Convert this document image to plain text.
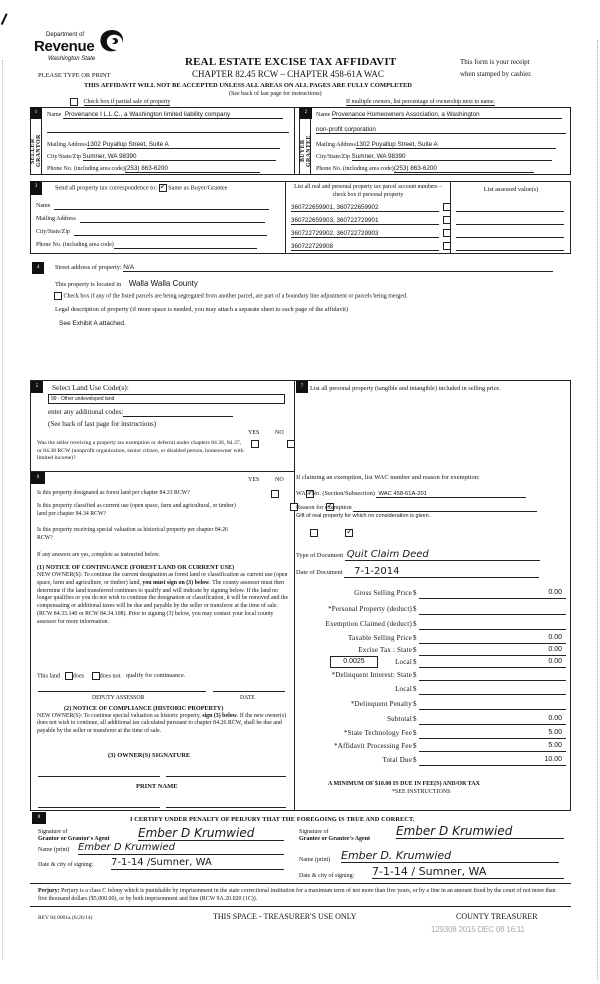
Department of
Revenue
Washington State	REAL ESTATE EXCISE TAX AFFIDAVIT
CHAPTER 82.45 RCW – CHAPTER 458-61A WAC
PLEASE TYPE OR PRINT
This form is your receipt
when stamped by cashier.
THIS AFFIDAVIT WILL NOT BE ACCEPTED UNLESS ALL AREAS ON ALL PAGES ARE FULLY COMPLETED
(See back of last page for instructions)
Check box if partial sale of property	If multiple owners, list percentage of ownership next to name.
1
SELLER
GRANTOR
Name Provenance I L.L.C., a Washington limited liability company
Mailing Address1302 Puyallup Street, Suite A
City/State/Zip Sumner, WA 98390
Phone No. (including area code)(253) 863-6200
2
BUYER
GRANTEE
Name Provenance Homeowners Association, a Washington
non-profit corporation
Mailing Address1302 Puyallup Street, Suite A
City/State/Zip Sumner, WA 98390
Phone No. (including area code)(253) 863-6200
3	Send all property tax correspondence to: ✓ Same as Buyer/Grantee
Name
Mailing Address
City/State/Zip
Phone No. (including area code)
List all real and personal property tax parcel account numbers – check box if personal property
List assessed value(s)
360722659901, 360722659902
360722659903, 360722729901
360722729902, 360722729903
360722729908
4	Street address of property: N/A
This property is located in Walla Walla County
Check box if any of the listed parcels are being segregated from another parcel, are part of a boundary line adjustment or parcels being merged.
Legal description of property (if more space is needed, you may attach a separate sheet to each page of the affidavit)
See Exhibit A attached.
5	Select Land Use Code(s):
99 - Other undeveloped land
enter any additional codes:
(See back of last page for instructions)
YES	NO
Was the seller receiving a property tax exemption or deferral under chapters 84.36, 84.37, or 84.38 RCW (nonprofit organization, senior citizen, or disabled person, homeowner with limited income)?

6	YES	NO
Is this property designated as forest land per chapter 84.33 RCW?
✓
Is this property classified as current use (open space, farm and agricultural, or timber) land per chapter 84.34 RCW?
✓
Is this property receiving special valuation as historical property per chapter 84.26 RCW?
✓
If any answers are yes, complete as instructed below.
(1) NOTICE OF CONTINUANCE (FOREST LAND OR CURRENT USE)
NEW OWNER(S): To continue the current designation as forest land or classification as current use (open space, farm and agriculture, or timber) land, you must sign on (3) below. The county assessor must then determine if the land transferred continues to qualify and will indicate by signing below. If the land no longer qualifies or you do not wish to continue the designation or classification, it will be removed and the compensating or additional taxes will be due and payable by the seller or transferor at the time of sale. (RCW 84.33.140 or RCW 84.34.108). Prior to signing (3) below, you may contact your local county assessor for more information.
This land does	does not qualify for continuance.
DEPUTY ASSESSOR	DATE
(2) NOTICE OF COMPLIANCE (HISTORIC PROPERTY)
NEW OWNER(S): To continue special valuation as historic property, sign (3) below. If the new owner(s) does not wish to continue, all additional tax calculated pursuant to chapter 84.26 RCW, shall be due and payable by the seller or transferor at the time of sale.
(3) OWNER(S) SIGNATURE
PRINT NAME
7	List all personal property (tangible and intangible) included in selling price.
If claiming an exemption, list WAC number and reason for exemption:
WAC No. (Section/Subsection) WAC 458-61A-201
Reason for exemption
Gift of real property for which no consideration is given.
Type of Document Quit Claim Deed
Date of Document 7-1-2014
Gross Selling Price $	0.00
*Personal Property (deduct) $
Exemption Claimed (deduct) $
Taxable Selling Price $	0.00
Excise Tax : State $	0.00
0.0025	Local $	0.00
*Delinquent Interest: State $
Local $
*Delinquent Penalty $
Subtotal $	0.00
*State Technology Fee $	5.00
*Affidavit Processing Fee $	5.00
Total Due $	10.00
A MINIMUM OF $10.00 IS DUE IN FEE(S) AND/OR TAX
*SEE INSTRUCTIONS
8	I CERTIFY UNDER PENALTY OF PERJURY THAT THE FOREGOING IS TRUE AND CORRECT.
Signature of
Grantor or Grantor's Agent Ember D Krumwied
Name (print) Ember D Krumwied
Date & city of signing: 7-1-14 /Sumner, WA
Signature of
Grantee or Grantee's Agent
Ember D Krumwied
Name (print) Ember D. Krumwied
Date & city of signing: 7-1-14 / Sumner, WA
Perjury: Perjury is a class C felony which is punishable by imprisonment in the state correctional institution for a maximum term of not more than five years, or by a fine in an amount fixed by the court of not more than five thousand dollars ($5,000.00), or by both imprisonment and fine (RCW 9A.20.020 (1C)).
REV 84 0001a (6/26/14)	THIS SPACE - TREASURER'S USE ONLY	COUNTY TREASURER
129308 2015 DEC 08 16:11
